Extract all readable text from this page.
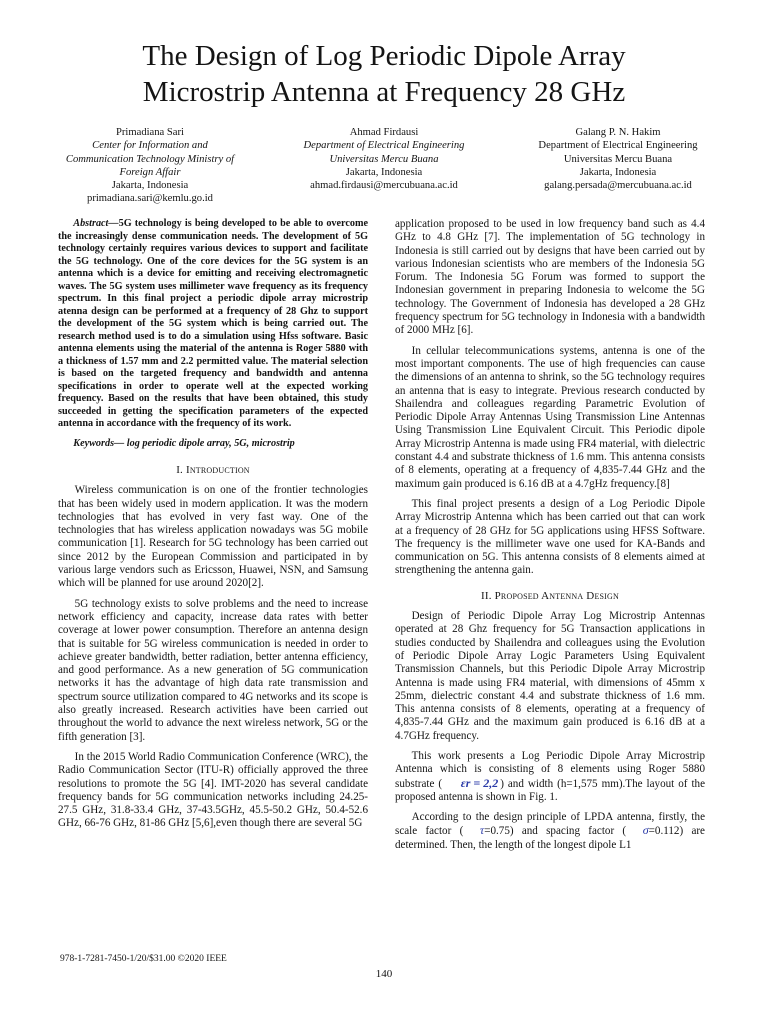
The Design of Log Periodic Dipole Array
Microstrip Antenna at Frequency 28 GHz
Primadiana Sari
Center for Information and
Communication Technology Ministry of
Foreign Affair
Jakarta, Indonesia
primadiana.sari@kemlu.go.id
Ahmad Firdausi
Department of Electrical Engineering
Universitas Mercu Buana
Jakarta, Indonesia
ahmad.firdausi@mercubuana.ac.id
Galang P. N. Hakim
Department of Electrical Engineering
Universitas Mercu Buana
Jakarta, Indonesia
galang.persada@mercubuana.ac.id

Abstract—5G technology is being developed to be able to overcome the increasingly dense communication needs. The development of 5G technology certainly requires various devices to support and facilitate the 5G technology. One of the core devices for the 5G system is an antenna which is a device for emitting and receiving electromagnetic waves. The 5G system uses millimeter wave frequency as its frequency spectrum. In this final project a periodic dipole array microstrip atenna design can be performed at a frequency of 28 Ghz to support the development of the 5G system which is being carried out. The research method used is to do a simulation using Hfss software. Basic antenna elements using the material of the antenna is Roger 5880 with a thickness of 1.57 mm and 2.2 permitted value. The material selection is based on the targeted frequency and bandwidth and antenna specifications in order to operate well at the expected working frequency. Based on the results that have been obtained, this study succeeded in getting the specification parameters of the expected antenna in accordance with the frequency of its work.

Keywords— log periodic dipole array, 5G, microstrip

I. Introduction

Wireless communication is on one of the frontier technologies that has been widely used in modern application. It was the modern technologies that has evolved in very fast way. One of the technologies that has wireless application nowadays was 5G mobile communication [1]. Research for 5G technology has been carried out since 2012 by the European Commission and participated in by various large vendors such as Ericsson, Huawei, NSN, and Samsung which will be planned for use around 2020[2].

5G technology exists to solve problems and the need to increase network efficiency and capacity, increase data rates with better coverage at lower power consumption. Therefore an antenna design that is suitable for 5G wireless communication is needed in order to achieve greater bandwidth, better radiation, better antenna efficiency, and good performance. As a new generation of 5G communication networks it has the advantage of high data rate transmission and spectrum source utilization compared to 4G networks and its scope is also greatly increased. Research activities have been carried out throughout the world to advance the next wireless network, 5G or the fifth generation [3].

In the 2015 World Radio Communication Conference (WRC), the Radio Communication Sector (ITU-R) officially approved the three resolutions to promote the 5G [4]. IMT-2020 has several candidate frequency bands for 5G communication networks including 24.25-27.5 GHz, 31.8-33.4 GHz, 37-43.5GHz, 45.5-50.2 GHz, 50.4-52.6 GHz, 66-76 GHz, 81-86 GHz [5,6],even though there are several 5G

application proposed to be used in low frequency band such as 4.4 GHz to 4.8 GHz [7]. The implementation of 5G technology in Indonesia is still carried out by designs that have been carried out by various Indonesian scientists who are members of the Indonesia 5G Forum. The Indonesia 5G Forum was formed to support the Indonesian government in preparing Indonesia to welcome the 5G technology. The Government of Indonesia has developed a 28 GHz frequency spectrum for 5G technology in Indonesia with a bandwidth of 2000 MHz [6].

In cellular telecommunications systems, antenna is one of the most important components. The use of high frequencies can cause the dimensions of an antenna to shrink, so the 5G technology requires an antenna that is easy to integrate. Previous research conducted by Shailendra and colleagues regarding Parametric Evolution of Periodic Dipole Array Antennas Using Transmission Line Antennas Using Transmission Line Equivalent Circuit. This Periodic dipole Array Microstrip Antenna is made using FR4 material, with dielectric constant 4.4 and substrate thickness of 1.6 mm. This antenna consists of 8 elements, operating at a frequency of 4,835-7.44 GHz and the maximum gain produced is 6.16 dB at a 4.7gHz frequency.[8]

This final project presents a design of a Log Periodic Dipole Array Microstrip Antenna which has been carried out that can work at a frequency of 28 GHz for 5G applications using HFSS Software. The frequency is the millimeter wave one used for KA-Bands and communication on 5G. This antenna consists of 8 elements aimed at strengthening the antenna gain.

II. Proposed Antenna Design

Design of Periodic Dipole Array Log Microstrip Antennas operated at 28 Ghz frequency for 5G Transaction applications in studies conducted by Shailendra and colleagues using the Evolution of Periodic Dipole Array Logic Parameters Using Equivalent Transmission Channels, but this Periodic Dipole Array Microstrip Antenna is made using FR4 material, with dimensions of 45mm x 25mm, dielectric constant 4.4 and substrate thickness of 1.6 mm. This antenna consists of 8 elements, operating at a frequency of 4,835-7.44 GHz and the maximum gain produced is 6.16 dB at a 4.7GHz frequency.

This work presents a Log Periodic Dipole Array Microstrip Antenna which is consisting of 8 elements using Roger 5880 substrate ( εr = 2,2 ) and width (h=1,575 mm).The layout of the proposed antenna is shown in Fig. 1.

According to the design principle of LPDA antenna, firstly, the scale factor ( τ=0.75) and spacing factor ( σ=0.112) are determined. Then, the length of the longest dipole L1

978-1-7281-7450-1/20/$31.00 ©2020 IEEE
140
